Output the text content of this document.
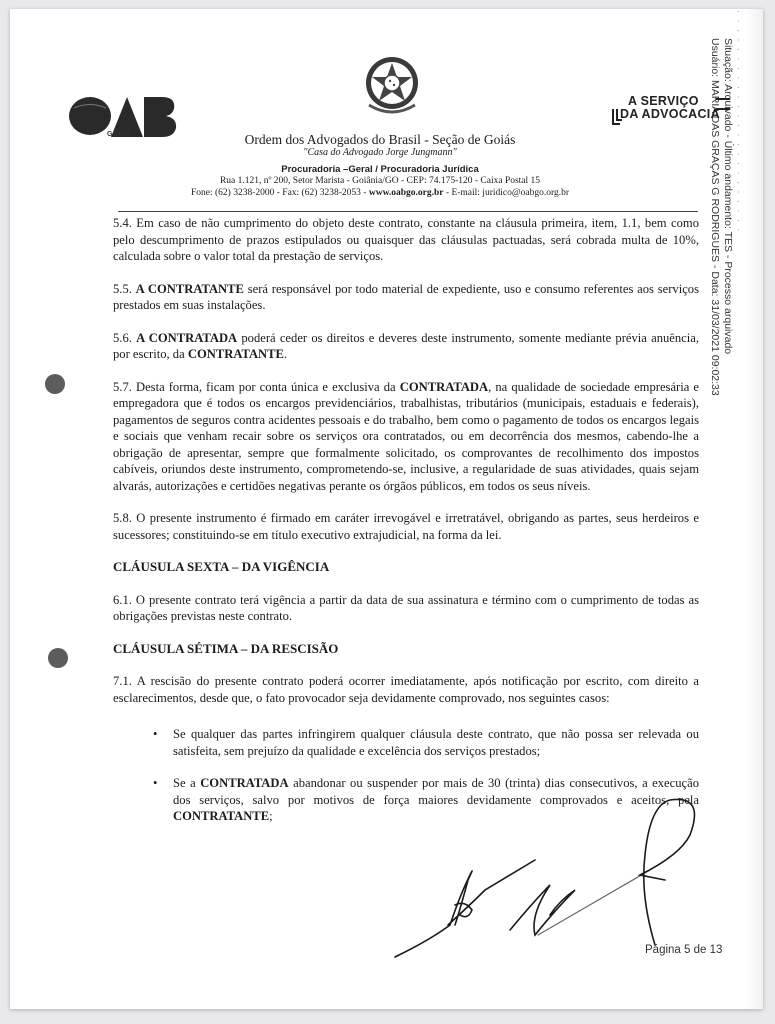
· · · · · · · · · · · · · · · · · · · · · · · ·
Situação: Arquivado - Último andamento: TES - Processo arquivado
Usuário: MARIA DAS GRAÇAS G RODRIGUES - Data: 31/03/2021 09:02:33
GOIÁS	Ordem dos Advogados do Brasil - Seção de Goiás
"Casa do Advogado Jorge Jungmann"
Procuradoria –Geral / Procuradoria Jurídica
Rua 1.121, nº 200, Setor Marista - Goiânia/GO - CEP: 74.175-120 - Caixa Postal 15
Fone: (62) 3238-2000 - Fax: (62) 3238-2053 - www.oabgo.org.br - E-mail: juridico@oabgo.org.br
A SERVIÇO
DA ADVOCACIA

5.4. Em caso de não cumprimento do objeto deste contrato, constante na cláusula primeira, item, 1.1, bem como pelo descumprimento de prazos estipulados ou quaisquer das cláusulas pactuadas, será cobrada multa de 10%, calculada sobre o valor total da prestação de serviços.

5.5. A CONTRATANTE será responsável por todo material de expediente, uso e consumo referentes aos serviços prestados em suas instalações.

5.6. A CONTRATADA poderá ceder os direitos e deveres deste instrumento, somente mediante prévia anuência, por escrito, da CONTRATANTE.

5.7. Desta forma, ficam por conta única e exclusiva da CONTRATADA, na qualidade de sociedade empresária e empregadora que é todos os encargos previdenciários, trabalhistas, tributários (municipais, estaduais e federais), pagamentos de seguros contra acidentes pessoais e do trabalho, bem como o pagamento de todos os encargos legais e sociais que venham recair sobre os serviços ora contratados, ou em decorrência dos mesmos, cabendo-lhe a obrigação de apresentar, sempre que formalmente solicitado, os comprovantes de recolhimento dos impostos cabíveis, oriundos deste instrumento, comprometendo-se, inclusive, a regularidade de suas atividades, quais sejam alvarás, autorizações e certidões negativas perante os órgãos públicos, em todos os seus níveis.

5.8. O presente instrumento é firmado em caráter irrevogável e irretratável, obrigando as partes, seus herdeiros e sucessores; constituindo-se em título executivo extrajudicial, na forma da lei.

CLÁUSULA SEXTA – DA VIGÊNCIA

6.1. O presente contrato terá vigência a partir da data de sua assinatura e término com o cumprimento de todas as obrigações previstas neste contrato.

CLÁUSULA SÉTIMA – DA RESCISÃO

7.1. A rescisão do presente contrato poderá ocorrer imediatamente, após notificação por escrito, com direito a esclarecimentos, desde que, o fato provocador seja devidamente comprovado, nos seguintes casos:

• Se qualquer das partes infringirem qualquer cláusula deste contrato, que não possa ser relevada ou satisfeita, sem prejuízo da qualidade e excelência dos serviços prestados;
• Se a CONTRATADA abandonar ou suspender por mais de 30 (trinta) dias consecutivos, a execução dos serviços, salvo por motivos de força maiores devidamente comprovados e aceitos, pela CONTRATANTE;
Página 5 de 13
